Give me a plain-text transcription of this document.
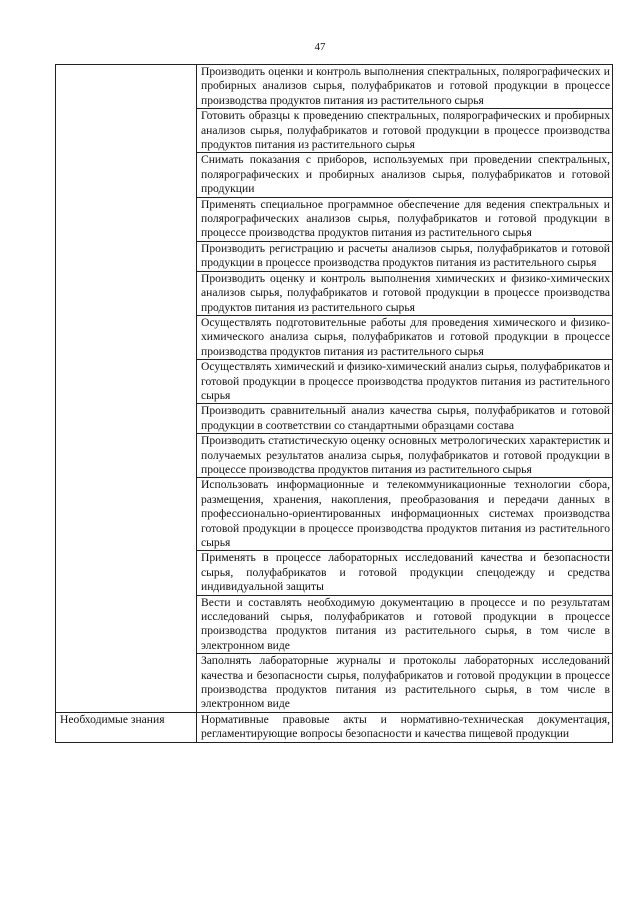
47

	Производить оценки и контроль выполнения спектральных, полярографических и пробирных анализов сырья, полуфабрикатов и готовой продукции в процессе производства продуктов питания из растительного сырья

	Готовить образцы к проведению спектральных, полярографических и пробирных анализов сырья, полуфабрикатов и готовой продукции в процессе производства продуктов питания из растительного сырья

	Снимать показания с приборов, используемых при проведении спектральных, полярографических и пробирных анализов сырья, полуфабрикатов и готовой продукции

	Применять специальное программное обеспечение для ведения спектральных и полярографических анализов сырья, полуфабрикатов и готовой продукции в процессе производства продуктов питания из растительного сырья

	Производить регистрацию и расчеты анализов сырья, полуфабрикатов и готовой продукции в процессе производства продуктов питания из растительного сырья

	Производить оценку и контроль выполнения химических и физико-химических анализов сырья, полуфабрикатов и готовой продукции в процессе производства продуктов питания из растительного сырья

	Осуществлять подготовительные работы для проведения химического и физико-химического анализа сырья, полуфабрикатов и готовой продукции в процессе производства продуктов питания из растительного сырья

	Осуществлять химический и физико-химический анализ сырья, полуфабрикатов и готовой продукции в процессе производства продуктов питания из растительного сырья

	Производить сравнительный анализ качества сырья, полуфабрикатов и готовой продукции в соответствии со стандартными образцами состава

	Производить статистическую оценку основных метрологических характеристик и получаемых результатов анализа сырья, полуфабрикатов и готовой продукции в процессе производства продуктов питания из растительного сырья

	Использовать информационные и телекоммуникационные технологии сбора, размещения, хранения, накопления, преобразования и передачи данных в профессионально-ориентированных информационных системах производства готовой продукции в процессе производства продуктов питания из растительного сырья

	Применять в процессе лабораторных исследований качества и безопасности сырья, полуфабрикатов и готовой продукции спецодежду и средства индивидуальной защиты

	Вести и составлять необходимую документацию в процессе и по результатам исследований сырья, полуфабрикатов и готовой продукции в процессе производства продуктов питания из растительного сырья, в том числе в электронном виде

	Заполнять лабораторные журналы и протоколы лабораторных исследований качества и безопасности сырья, полуфабрикатов и готовой продукции в процессе производства продуктов питания из растительного сырья, в том числе в электронном виде

Необходимые знания	Нормативные правовые акты и нормативно-техническая документация, регламентирующие вопросы безопасности и качества пищевой продукции
